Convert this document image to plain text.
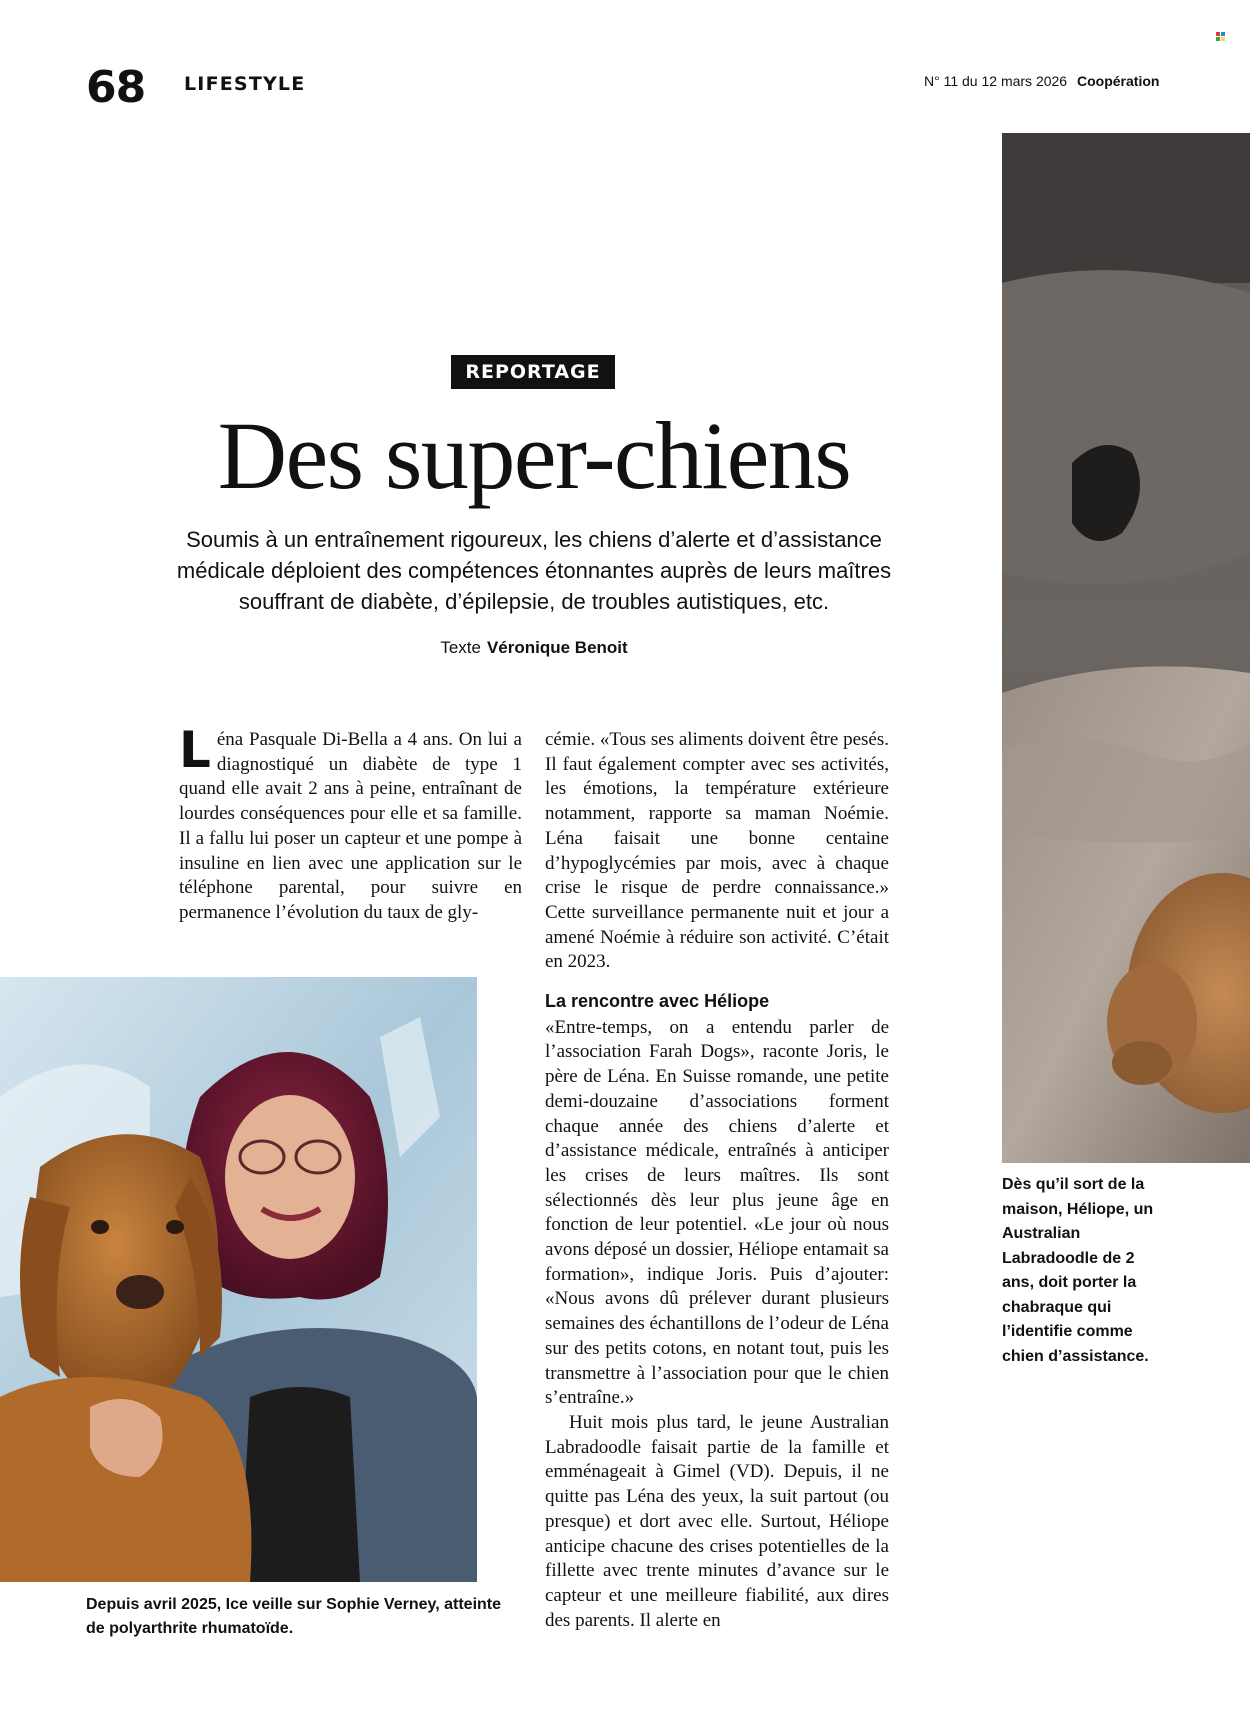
68 LIFESTYLE	N° 11 du 12 mars 2026 Coopération
REPORTAGE
Des super-chiens
Soumis à un entraînement rigoureux, les chiens d’alerte et d’assistance médicale déploient des compétences étonnantes auprès de leurs maîtres souffrant de diabète, d’épilepsie, de troubles autistiques, etc.
Texte Véronique Benoit

Léna Pasquale Di-Bella a 4 ans. On lui a diagnostiqué un diabète de type 1 quand elle avait 2 ans à peine, entraînant de lourdes conséquences pour elle et sa famille. Il a fallu lui poser un capteur et une pompe à insuline en lien avec une application sur le téléphone parental, pour suivre en permanence l’évolution du taux de gly-

cémie. «Tous ses aliments doivent être pesés. Il faut également compter avec ses activités, les émotions, la température extérieure notamment, rapporte sa maman Noémie. Léna faisait une bonne centaine d’hypoglycémies par mois, avec à chaque crise le risque de perdre connaissance.» Cette surveillance permanente nuit et jour a amené Noémie à réduire son activité. C’était en 2023.

La rencontre avec Héliope

«Entre-temps, on a entendu parler de l’association Farah Dogs», raconte Joris, le père de Léna. En Suisse romande, une petite demi-douzaine d’associations forment chaque année des chiens d’alerte et d’assistance médicale, entraînés à anticiper les crises de leurs maîtres. Ils sont sélectionnés dès leur plus jeune âge en fonction de leur potentiel. «Le jour où nous avons déposé un dossier, Héliope entamait sa formation», indique Joris. Puis d’ajouter: «Nous avons dû prélever durant plusieurs semaines des échantillons de l’odeur de Léna sur des petits cotons, en notant tout, puis les transmettre à l’association pour que le chien s’entraîne.»

Huit mois plus tard, le jeune Australian Labradoodle faisait partie de la famille et emménageait à Gimel (VD). Depuis, il ne quitte pas Léna des yeux, la suit partout (ou presque) et dort avec elle. Surtout, Héliope anticipe chacune des crises potentielles de la fillette avec trente minutes d’avance sur le capteur et une meilleure fiabilité, aux dires des parents. Il alerte en

Depuis avril 2025, Ice veille sur Sophie Verney, atteinte de polyarthrite rhumatoïde.
Dès qu’il sort de la maison, Héliope, un Australian Labradoodle de 2 ans, doit porter la chabraque qui l’identifie comme chien d’assistance.
